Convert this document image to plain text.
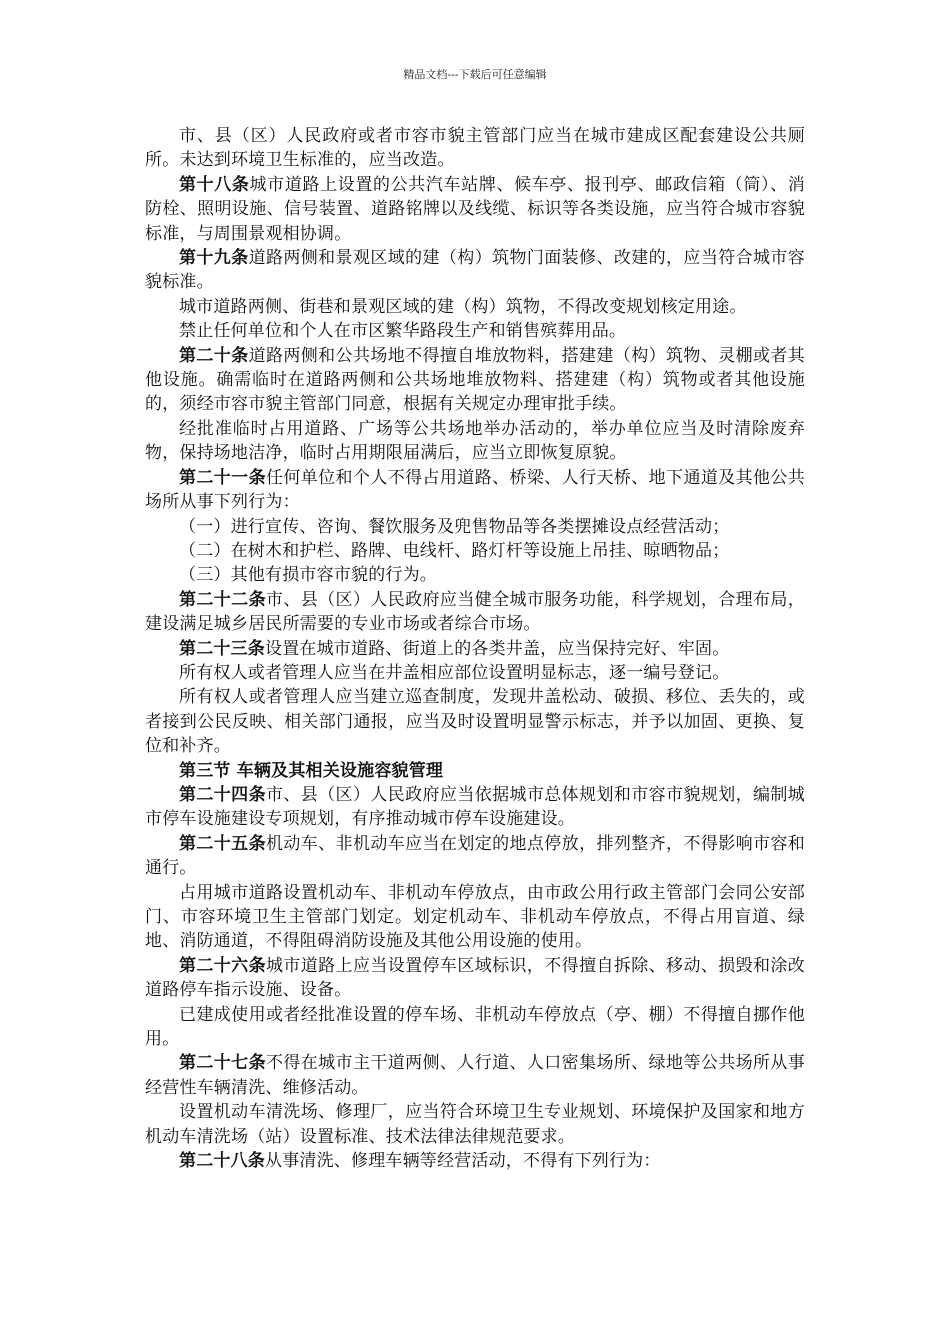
精品文档---下载后可任意编辑

市、县（区）人民政府或者市容市貌主管部门应当在城市建成区配套建设公共厕所。未达到环境卫生标准的，应当改造。

第十八条城市道路上设置的公共汽车站牌、候车亭、报刊亭、邮政信箱（筒）、消防栓、照明设施、信号装置、道路铭牌以及线缆、标识等各类设施，应当符合城市容貌标准，与周围景观相协调。

第十九条道路两侧和景观区域的建（构）筑物门面装修、改建的，应当符合城市容貌标准。

城市道路两侧、街巷和景观区域的建（构）筑物，不得改变规划核定用途。

禁止任何单位和个人在市区繁华路段生产和销售殡葬用品。

第二十条道路两侧和公共场地不得擅自堆放物料，搭建建（构）筑物、灵棚或者其他设施。确需临时在道路两侧和公共场地堆放物料、搭建建（构）筑物或者其他设施的，须经市容市貌主管部门同意，根据有关规定办理审批手续。

经批准临时占用道路、广场等公共场地举办活动的，举办单位应当及时清除废弃物，保持场地洁净，临时占用期限届满后，应当立即恢复原貌。

第二十一条任何单位和个人不得占用道路、桥梁、人行天桥、地下通道及其他公共场所从事下列行为：

（一）进行宣传、咨询、餐饮服务及兜售物品等各类摆摊设点经营活动；

（二）在树木和护栏、路牌、电线杆、路灯杆等设施上吊挂、晾晒物品；

（三）其他有损市容市貌的行为。

第二十二条市、县（区）人民政府应当健全城市服务功能，科学规划，合理布局，建设满足城乡居民所需要的专业市场或者综合市场。

第二十三条设置在城市道路、街道上的各类井盖，应当保持完好、牢固。

所有权人或者管理人应当在井盖相应部位设置明显标志，逐一编号登记。

所有权人或者管理人应当建立巡查制度，发现井盖松动、破损、移位、丢失的，或者接到公民反映、相关部门通报，应当及时设置明显警示标志，并予以加固、更换、复位和补齐。

第三节 车辆及其相关设施容貌管理

第二十四条市、县（区）人民政府应当依据城市总体规划和市容市貌规划，编制城市停车设施建设专项规划，有序推动城市停车设施建设。

第二十五条机动车、非机动车应当在划定的地点停放，排列整齐，不得影响市容和通行。

占用城市道路设置机动车、非机动车停放点，由市政公用行政主管部门会同公安部门、市容环境卫生主管部门划定。划定机动车、非机动车停放点，不得占用盲道、绿地、消防通道，不得阻碍消防设施及其他公用设施的使用。

第二十六条城市道路上应当设置停车区域标识，不得擅自拆除、移动、损毁和涂改道路停车指示设施、设备。

已建成使用或者经批准设置的停车场、非机动车停放点（亭、棚）不得擅自挪作他用。

第二十七条不得在城市主干道两侧、人行道、人口密集场所、绿地等公共场所从事经营性车辆清洗、维修活动。

设置机动车清洗场、修理厂，应当符合环境卫生专业规划、环境保护及国家和地方机动车清洗场（站）设置标准、技术法律法律规范要求。

第二十八条从事清洗、修理车辆等经营活动，不得有下列行为：
